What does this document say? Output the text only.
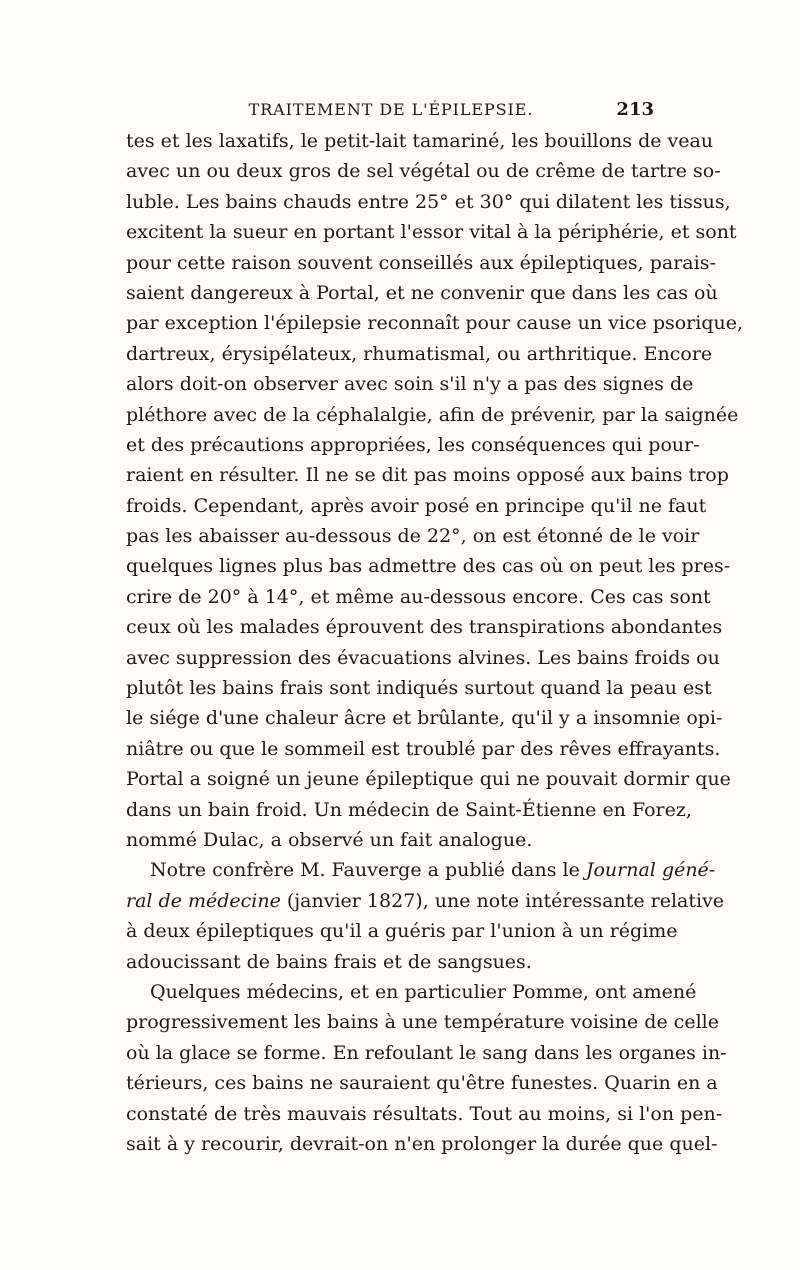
TRAITEMENT DE L'ÉPILEPSIE.	213
tes et les laxatifs, le petit-lait tamariné, les bouillons de veau
avec un ou deux gros de sel végétal ou de crême de tartre so-
luble. Les bains chauds entre 25° et 30° qui dilatent les tissus,
excitent la sueur en portant l'essor vital à la périphérie, et sont
pour cette raison souvent conseillés aux épileptiques, parais-
saient dangereux à Portal, et ne convenir que dans les cas où
par exception l'épilepsie reconnaît pour cause un vice psorique,
dartreux, érysipélateux, rhumatismal, ou arthritique. Encore
alors doit-on observer avec soin s'il n'y a pas des signes de
pléthore avec de la céphalalgie, afin de prévenir, par la saignée
et des précautions appropriées, les conséquences qui pour-
raient en résulter. Il ne se dit pas moins opposé aux bains trop
froids. Cependant, après avoir posé en principe qu'il ne faut
pas les abaisser au-dessous de 22°, on est étonné de le voir
quelques lignes plus bas admettre des cas où on peut les pres-
crire de 20° à 14°, et même au-dessous encore. Ces cas sont
ceux où les malades éprouvent des transpirations abondantes
avec suppression des évacuations alvines. Les bains froids ou
plutôt les bains frais sont indiqués surtout quand la peau est
le siége d'une chaleur âcre et brûlante, qu'il y a insomnie opi-
niâtre ou que le sommeil est troublé par des rêves effrayants.
Portal a soigné un jeune épileptique qui ne pouvait dormir que
dans un bain froid. Un médecin de Saint-Étienne en Forez,
nommé Dulac, a observé un fait analogue.
Notre confrère M. Fauverge a publié dans le Journal géné-
ral de médecine (janvier 1827), une note intéressante relative
à deux épileptiques qu'il a guéris par l'union à un régime
adoucissant de bains frais et de sangsues.
Quelques médecins, et en particulier Pomme, ont amené
progressivement les bains à une température voisine de celle
où la glace se forme. En refoulant le sang dans les organes in-
térieurs, ces bains ne sauraient qu'être funestes. Quarin en a
constaté de très mauvais résultats. Tout au moins, si l'on pen-
sait à y recourir, devrait-on n'en prolonger la durée que quel-
